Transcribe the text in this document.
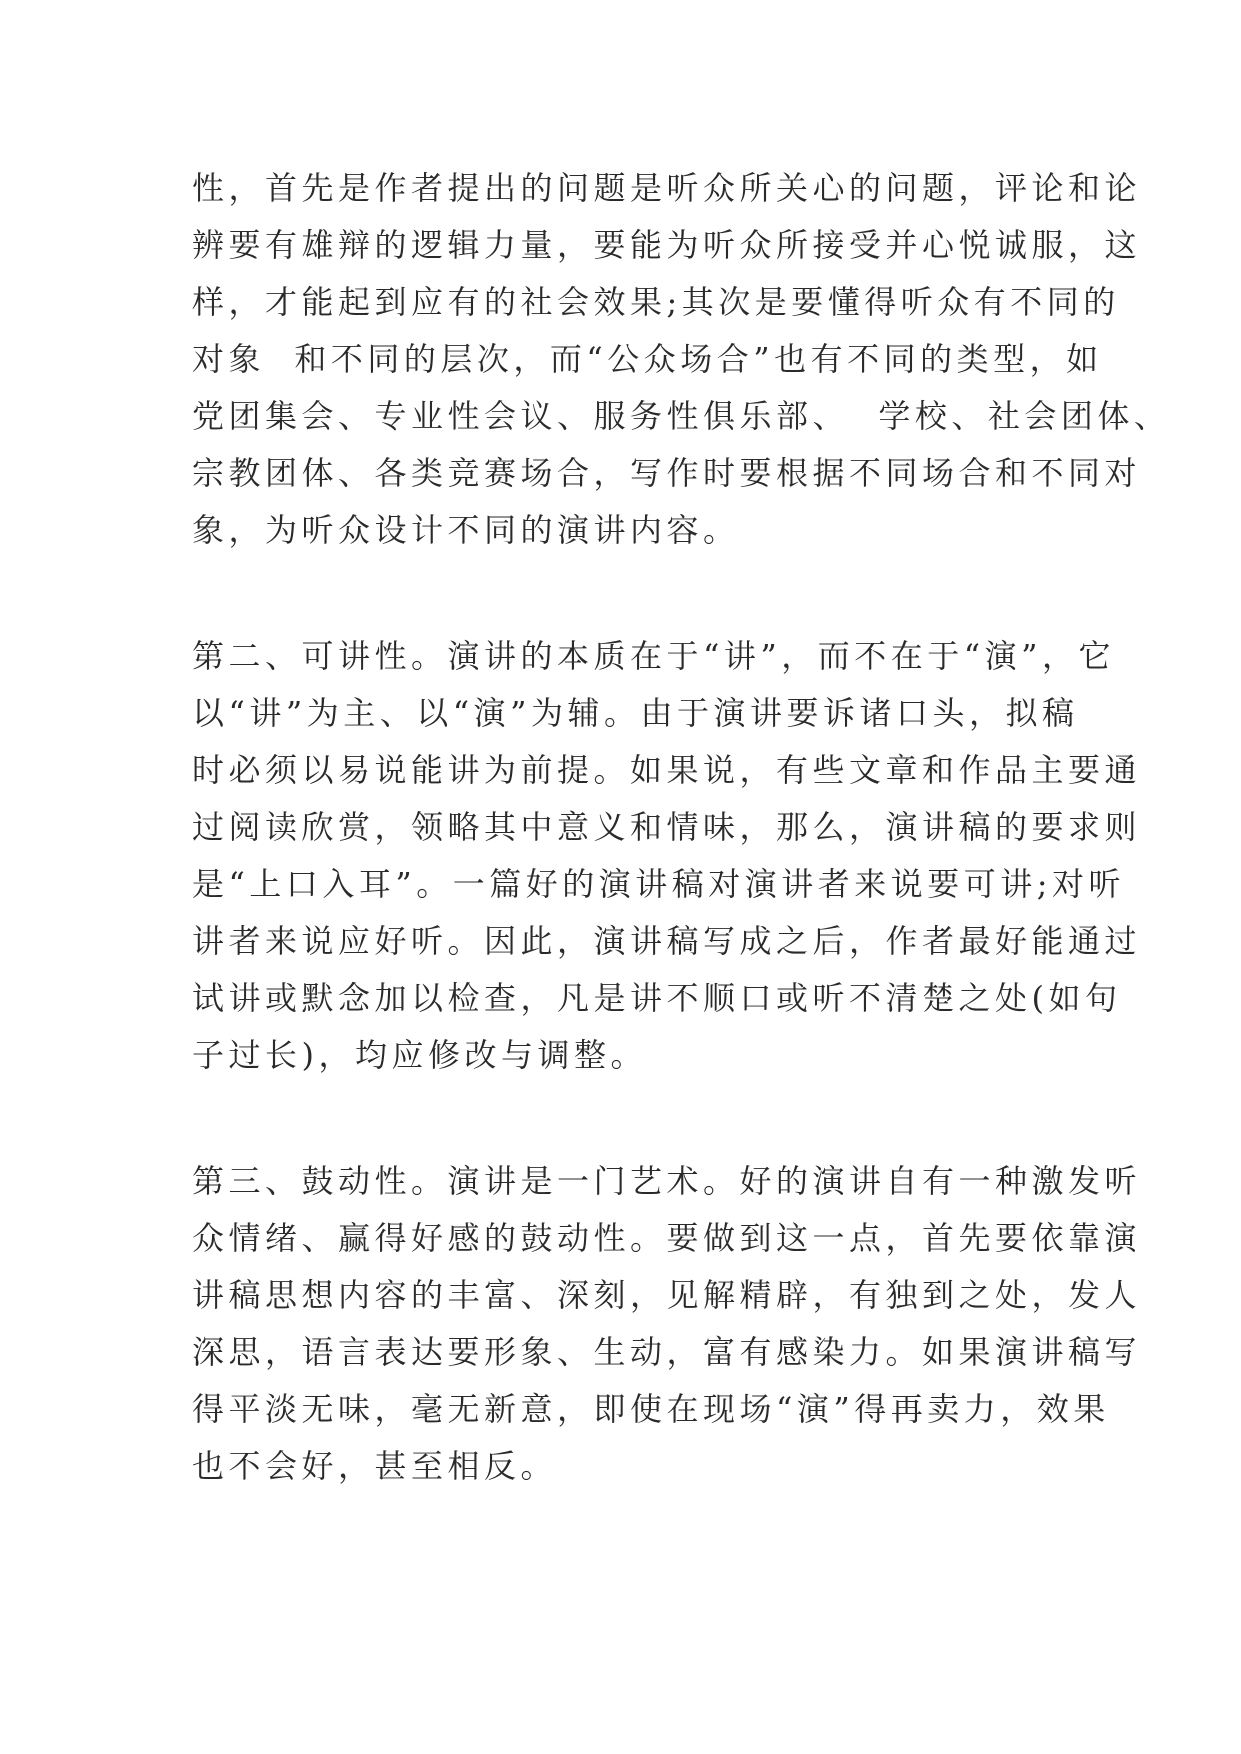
性，首先是作者提出的问题是听众所关心的问题，评论和论
辨要有雄辩的逻辑力量，要能为听众所接受并心悦诚服，这
样，才能起到应有的社会效果;其次是要懂得听众有不同的
对象  和不同的层次，而“公众场合”也有不同的类型，如
党团集会、专业性会议、服务性俱乐部、  学校、社会团体、
宗教团体、各类竞赛场合，写作时要根据不同场合和不同对
象，为听众设计不同的演讲内容。
第二、可讲性。演讲的本质在于“讲”，而不在于“演”，它
以“讲”为主、以“演”为辅。由于演讲要诉诸口头，拟稿
时必须以易说能讲为前提。如果说，有些文章和作品主要通
过阅读欣赏，领略其中意义和情味，那么，演讲稿的要求则
是“上口入耳”。一篇好的演讲稿对演讲者来说要可讲;对听
讲者来说应好听。因此，演讲稿写成之后，作者最好能通过
试讲或默念加以检查，凡是讲不顺口或听不清楚之处(如句
子过长)，均应修改与调整。
第三、鼓动性。演讲是一门艺术。好的演讲自有一种激发听
众情绪、赢得好感的鼓动性。要做到这一点，首先要依靠演
讲稿思想内容的丰富、深刻，见解精辟，有独到之处，发人
深思，语言表达要形象、生动，富有感染力。如果演讲稿写
得平淡无味，毫无新意，即使在现场“演”得再卖力，效果
也不会好，甚至相反。
